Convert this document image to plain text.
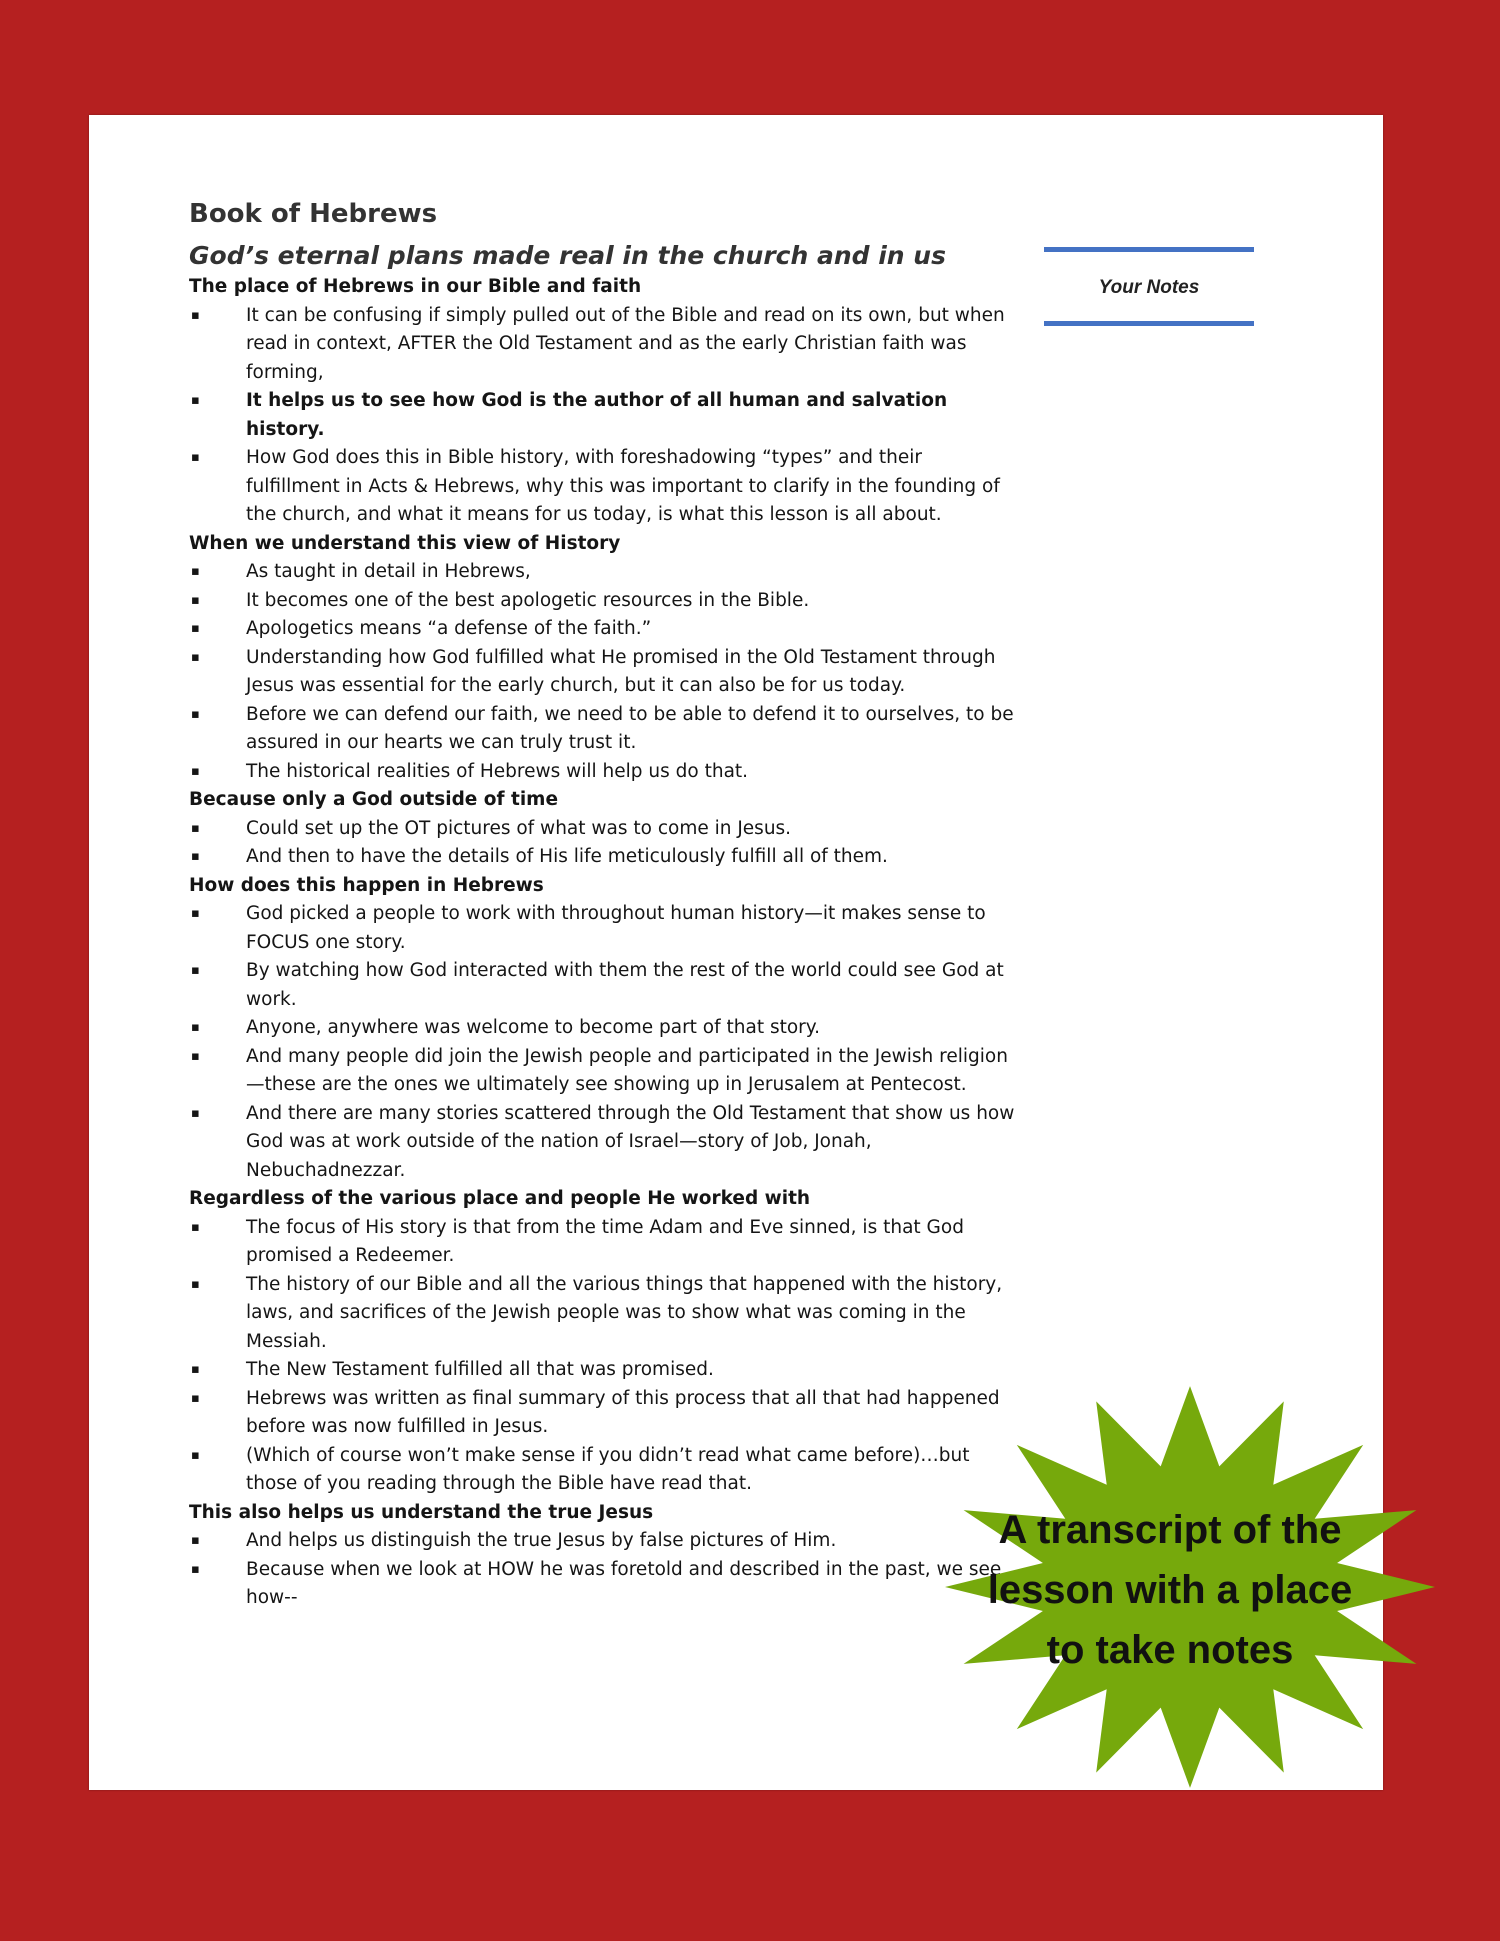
Book of Hebrews
God’s eternal plans made real in the church and in us
The place of Hebrews in our Bible and faith
▪ It can be confusing if simply pulled out of the Bible and read on its own, but when read in context, AFTER the Old Testament and as the early Christian faith was forming,
▪ It helps us to see how God is the author of all human and salvation history.
▪ How God does this in Bible history, with foreshadowing “types” and their fulfillment in Acts & Hebrews, why this was important to clarify in the founding of the church, and what it means for us today, is what this lesson is all about.
When we understand this view of History
▪ As taught in detail in Hebrews,
▪ It becomes one of the best apologetic resources in the Bible.
▪ Apologetics means “a defense of the faith.”
▪ Understanding how God fulfilled what He promised in the Old Testament through Jesus was essential for the early church, but it can also be for us today.
▪ Before we can defend our faith, we need to be able to defend it to ourselves, to be assured in our hearts we can truly trust it.
▪ The historical realities of Hebrews will help us do that.
Because only a God outside of time
▪ Could set up the OT pictures of what was to come in Jesus.
▪ And then to have the details of His life meticulously fulfill all of them.
How does this happen in Hebrews
▪ God picked a people to work with throughout human history—it makes sense to FOCUS one story.
▪ By watching how God interacted with them the rest of the world could see God at work.
▪ Anyone, anywhere was welcome to become part of that story.
▪ And many people did join the Jewish people and participated in the Jewish religion—these are the ones we ultimately see showing up in Jerusalem at Pentecost.
▪ And there are many stories scattered through the Old Testament that show us how God was at work outside of the nation of Israel—story of Job, Jonah, Nebuchadnezzar.
Regardless of the various place and people He worked with
▪ The focus of His story is that from the time Adam and Eve sinned, is that God promised a Redeemer.
▪ The history of our Bible and all the various things that happened with the history, laws, and sacrifices of the Jewish people was to show what was coming in the Messiah.
▪ The New Testament fulfilled all that was promised.
▪ Hebrews was written as final summary of this process that all that had happened before was now fulfilled in Jesus.
▪ (Which of course won’t make sense if you didn’t read what came before)…but those of you reading through the Bible have read that.
This also helps us understand the true Jesus
▪ And helps us distinguish the true Jesus by false pictures of Him.
▪ Because when we look at HOW he was foretold and described in the past, we see how--
Your Notes
A transcript of the
lesson with a place
to take notes
